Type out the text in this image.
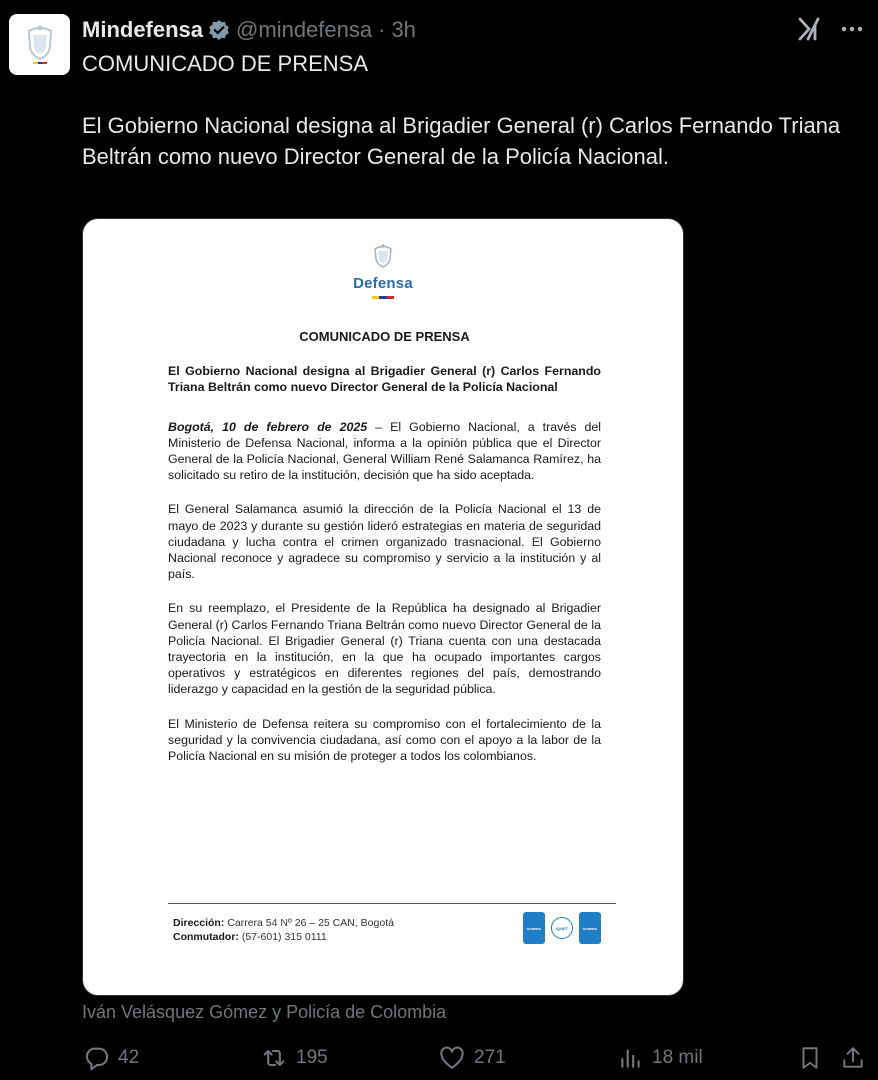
Mindefensa @mindefensa · 3h
COMUNICADO DE PRENSA

El Gobierno Nacional designa al Brigadier General (r) Carlos Fernando Triana Beltrán como nuevo Director General de la Policía Nacional.
Defensa
COMUNICADO DE PRENSA
El Gobierno Nacional designa al Brigadier General (r) Carlos Fernando Triana Beltrán como nuevo Director General de la Policía Nacional
Bogotá, 10 de febrero de 2025 – El Gobierno Nacional, a través del Ministerio de Defensa Nacional, informa a la opinión pública que el Director General de la Policía Nacional, General William René Salamanca Ramírez, ha solicitado su retiro de la institución, decisión que ha sido aceptada.
El General Salamanca asumió la dirección de la Policía Nacional el 13 de mayo de 2023 y durante su gestión lideró estrategias en materia de seguridad ciudadana y lucha contra el crimen organizado trasnacional. El Gobierno Nacional reconoce y agradece su compromiso y servicio a la institución y al país.
En su reemplazo, el Presidente de la República ha designado al Brigadier General (r) Carlos Fernando Triana Beltrán como nuevo Director General de la Policía Nacional. El Brigadier General (r) Triana cuenta con una destacada trayectoria en la institución, en la que ha ocupado importantes cargos operativos y estratégicos en diferentes regiones del país, demostrando liderazgo y capacidad en la gestión de la seguridad pública.
El Ministerio de Defensa reitera su compromiso con el fortalecimiento de la seguridad y la convivencia ciudadana, así como con el apoyo a la labor de la Policía Nacional en su misión de proteger a todos los colombianos.
Dirección: Carrera 54 Nº 26 – 25 CAN, Bogotá
Conmutador: (57-601) 315 0111
icontec	IQNET	icontec
Iván Velásquez Gómez y Policía de Colombia
42	195	271	18 mil
